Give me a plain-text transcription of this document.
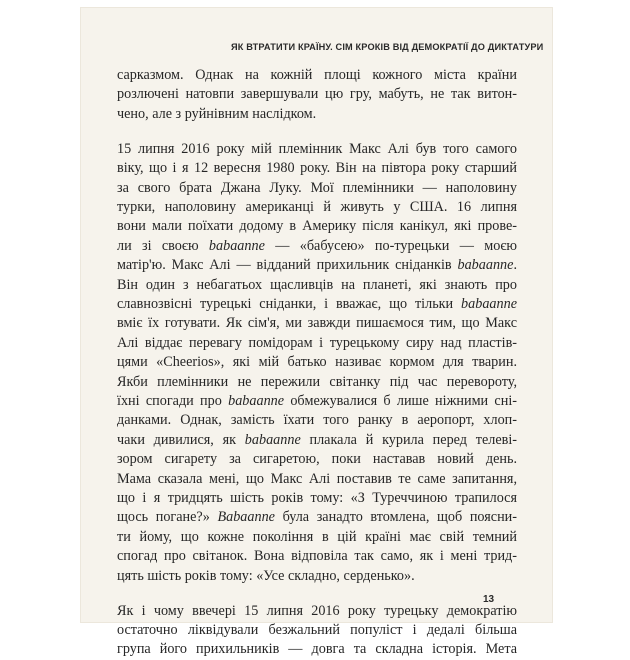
ЯК ВТРАТИТИ КРАЇНУ. СІМ КРОКІВ ВІД ДЕМОКРАТІЇ ДО ДИКТАТУРИ

сарказмом. Однак на кожній площі кожного міста країни
розлючені натовпи завершували цю гру, мабуть, не так витон-
чено, але з руйнівним наслідком.

15 липня 2016 року мій племінник Макс Алі був того самого
віку, що і я 12 вересня 1980 року. Він на півтора року старший
за свого брата Джана Луку. Мої племінники — наполовину
турки, наполовину американці й живуть у США. 16 липня
вони мали поїхати додому в Америку після канікул, які прове-
ли зі своєю babaanne — «бабусею» по-турецьки — моєю
матір'ю. Макс Алі — відданий прихильник сніданків babaanne.
Він один з небагатьох щасливців на планеті, які знають про
славнозвісні турецькі сніданки, і вважає, що тільки babaanne
вміє їх готувати. Як сім'я, ми завжди пишаємося тим, що Макс
Алі віддає перевагу помідорам і турецькому сиру над пластів-
цями «Cheerios», які мій батько називає кормом для тварин.
Якби племінники не пережили світанку під час перевороту,
їхні спогади про babaanne обмежувалися б лише ніжними сні-
данками. Однак, замість їхати того ранку в аеропорт, хлоп-
чаки дивилися, як babaanne плакала й курила перед телеві-
зором сигарету за сигаретою, поки наставав новий день.
Мама сказала мені, що Макс Алі поставив те саме запитання,
що і я тридцять шість років тому: «З Туреччиною трапилося
щось погане?» Babaanne була занадто втомлена, щоб поясни-
ти йому, що кожне покоління в цій країні має свій темний
спогад про світанок. Вона відповіла так само, як і мені трид-
цять шість років тому: «Усе складно, серденько».

Як і чому ввечері 15 липня 2016 року турецьку демократію
остаточно ліквідували безжальний популіст і дедалі більша
група його прихильників — довга та складна історія. Мета

13
